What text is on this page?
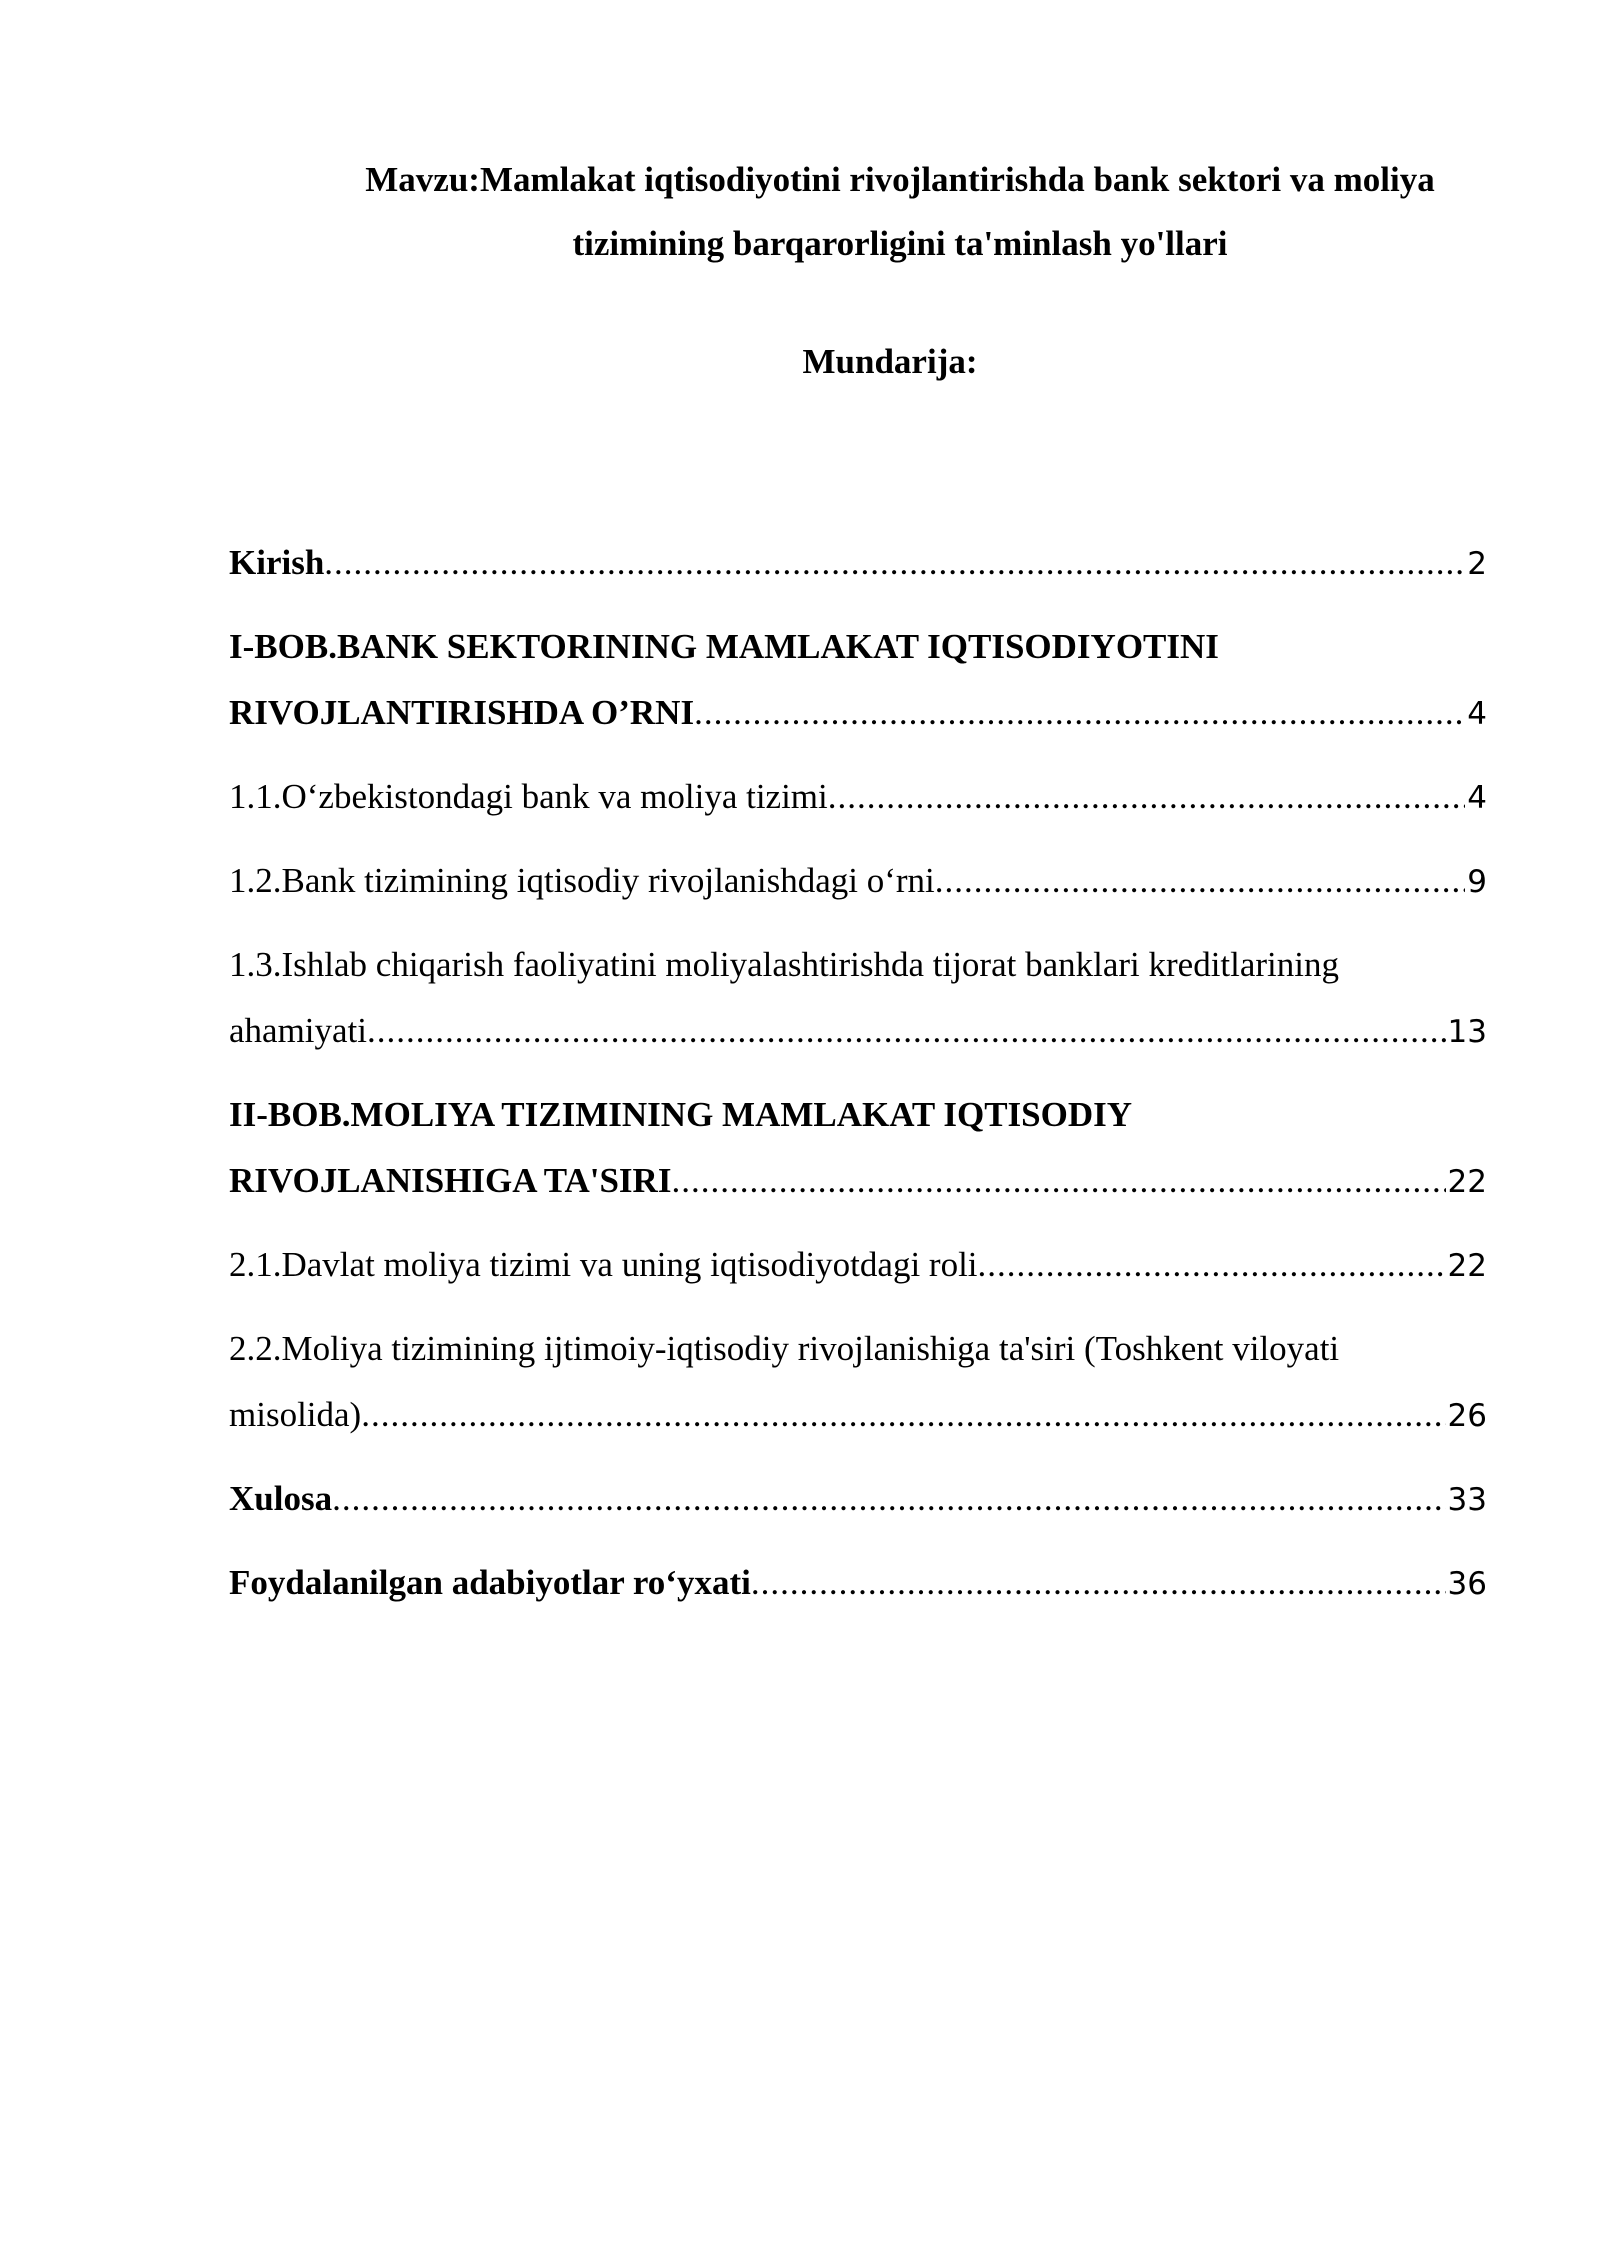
Mavzu:Mamlakat iqtisodiyotini rivojlantirishda bank sektori va moliya
tizimining barqarorligini ta'minlash yo'llari
Mundarija:
Kirish .....	2
I-BOB.BANK SEKTORINING MAMLAKAT IQTISODIYOTINI
RIVOJLANTIRISHDA O’RNI .....	4
1.1.O‘zbekistondagi bank va moliya tizimi .....	4
1.2.Bank tizimining iqtisodiy rivojlanishdagi o‘rni .....	9
1.3.Ishlab chiqarish faoliyatini moliyalashtirishda tijorat banklari kreditlarining
ahamiyati .....	13
II-BOB.MOLIYA TIZIMINING MAMLAKAT IQTISODIY
RIVOJLANISHIGA TA'SIRI .....	22
2.1.Davlat moliya tizimi va uning iqtisodiyotdagi roli .....	22
2.2.Moliya tizimining ijtimoiy-iqtisodiy rivojlanishiga ta'siri (Toshkent viloyati
misolida) .....	26
Xulosa .....	33
Foydalanilgan adabiyotlar ro‘yxati .....	36
